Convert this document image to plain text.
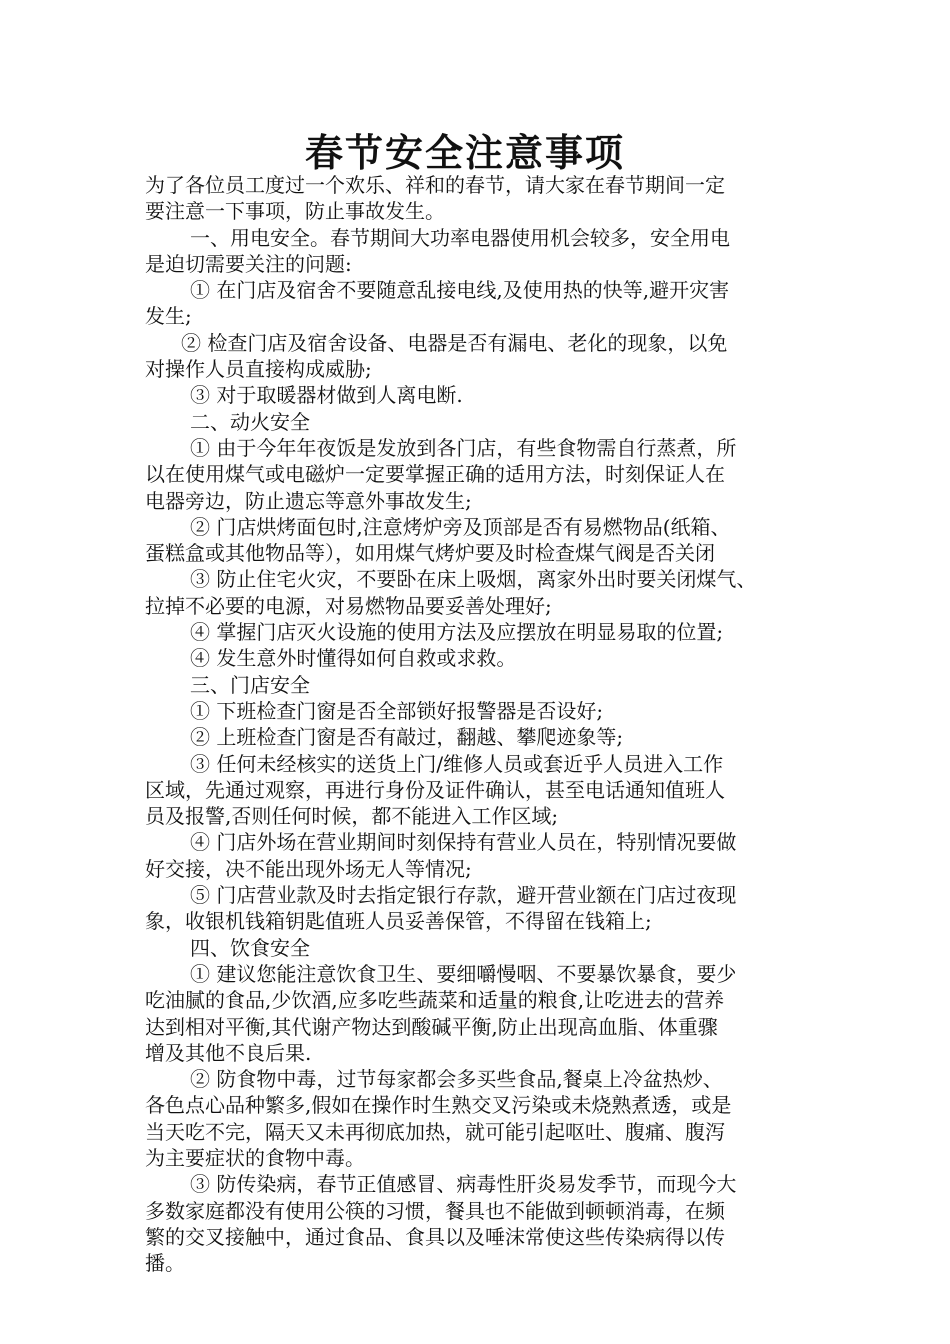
春节安全注意事项
为了各位员工度过一个欢乐、祥和的春节，请大家在春节期间一定
要注意一下事项，防止事故发生。
一、用电安全。春节期间大功率电器使用机会较多，安全用电
是迫切需要关注的问题:
① 在门店及宿舍不要随意乱接电线,及使用热的快等,避开灾害
发生;
② 检查门店及宿舍设备、电器是否有漏电、老化的现象，以免
对操作人员直接构成威胁;
③ 对于取暖器材做到人离电断.
二、动火安全
① 由于今年年夜饭是发放到各门店，有些食物需自行蒸煮，所
以在使用煤气或电磁炉一定要掌握正确的适用方法，时刻保证人在
电器旁边，防止遗忘等意外事故发生;
② 门店烘烤面包时,注意烤炉旁及顶部是否有易燃物品(纸箱、
蛋糕盒或其他物品等），如用煤气烤炉要及时检查煤气阀是否关闭
③ 防止住宅火灾，不要卧在床上吸烟，离家外出时要关闭煤气、
拉掉不必要的电源，对易燃物品要妥善处理好;
④ 掌握门店灭火设施的使用方法及应摆放在明显易取的位置;
④ 发生意外时懂得如何自救或求救。
三、门店安全
① 下班检查门窗是否全部锁好报警器是否设好;
② 上班检查门窗是否有敲过，翻越、攀爬迹象等;
③ 任何未经核实的送货上门/维修人员或套近乎人员进入工作
区域，先通过观察，再进行身份及证件确认，甚至电话通知值班人
员及报警,否则任何时候，都不能进入工作区域;
④ 门店外场在营业期间时刻保持有营业人员在，特别情况要做
好交接，决不能出现外场无人等情况;
⑤ 门店营业款及时去指定银行存款，避开营业额在门店过夜现
象，收银机钱箱钥匙值班人员妥善保管，不得留在钱箱上;
四、饮食安全
① 建议您能注意饮食卫生、要细嚼慢咽、不要暴饮暴食，要少
吃油腻的食品,少饮酒,应多吃些蔬菜和适量的粮食,让吃进去的营养
达到相对平衡,其代谢产物达到酸碱平衡,防止出现高血脂、体重骤
增及其他不良后果.
② 防食物中毒，过节每家都会多买些食品,餐桌上冷盆热炒、
各色点心品种繁多,假如在操作时生熟交叉污染或未烧熟煮透，或是
当天吃不完，隔天又未再彻底加热，就可能引起呕吐、腹痛、腹泻
为主要症状的食物中毒。
③ 防传染病，春节正值感冒、病毒性肝炎易发季节，而现今大
多数家庭都没有使用公筷的习惯，餐具也不能做到顿顿消毒，在频
繁的交叉接触中，通过食品、食具以及唾沫常使这些传染病得以传
播。
